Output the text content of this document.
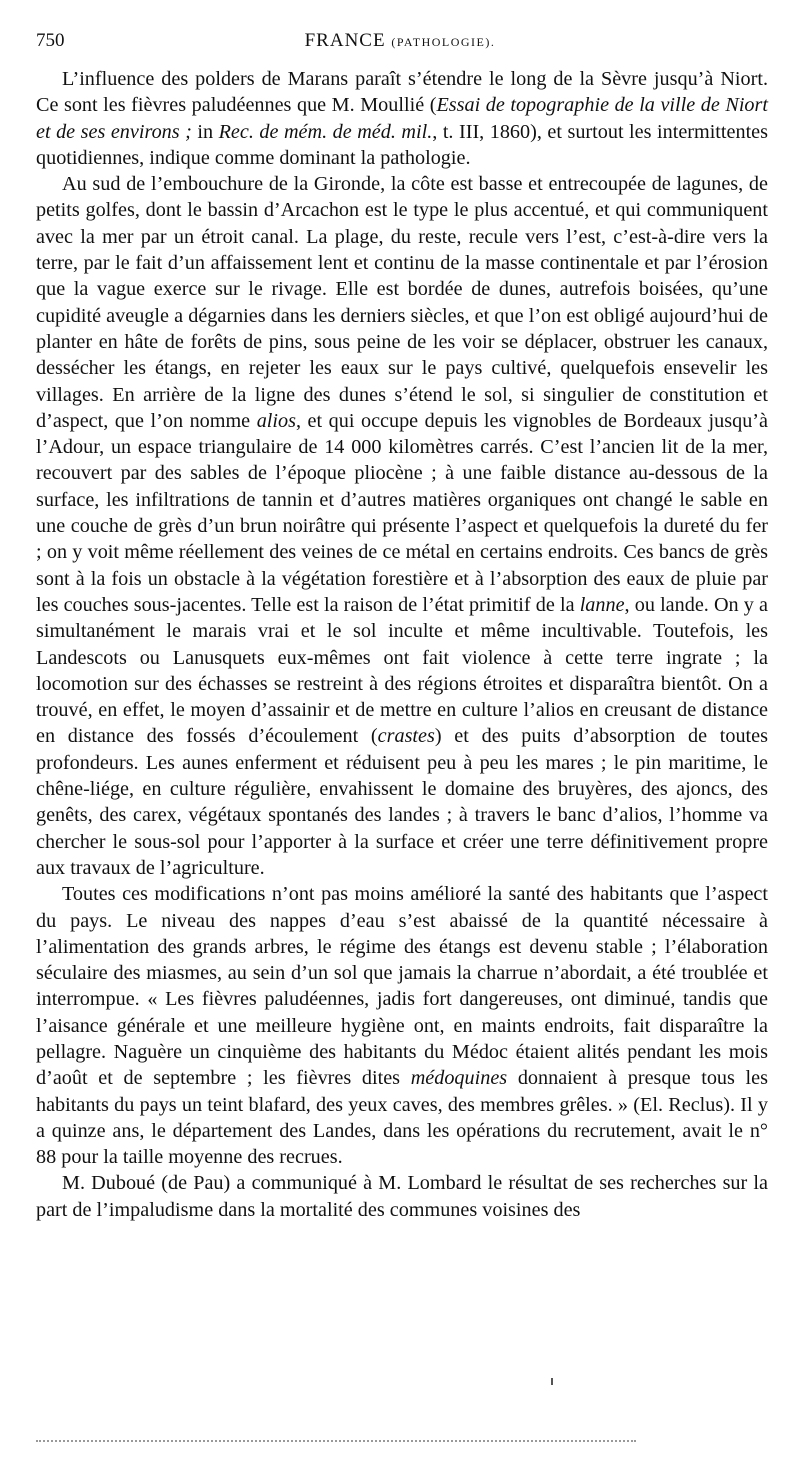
750	FRANCE (PATHOLOGIE).

L’influence des polders de Marans paraît s’étendre le long de la Sèvre jusqu’à Niort. Ce sont les fièvres paludéennes que M. Moullié (Essai de topographie de la ville de Niort et de ses environs ; in Rec. de mém. de méd. mil., t. III, 1860), et surtout les intermittentes quotidiennes, indique comme dominant la pathologie.

Au sud de l’embouchure de la Gironde, la côte est basse et entrecoupée de lagunes, de petits golfes, dont le bassin d’Arcachon est le type le plus accentué, et qui communiquent avec la mer par un étroit canal. La plage, du reste, recule vers l’est, c’est-à-dire vers la terre, par le fait d’un affaissement lent et continu de la masse continentale et par l’érosion que la vague exerce sur le rivage. Elle est bordée de dunes, autrefois boisées, qu’une cupidité aveugle a dégarnies dans les derniers siècles, et que l’on est obligé aujourd’hui de planter en hâte de forêts de pins, sous peine de les voir se déplacer, obstruer les canaux, dessécher les étangs, en rejeter les eaux sur le pays cultivé, quelquefois ensevelir les villages. En arrière de la ligne des dunes s’étend le sol, si singulier de constitution et d’aspect, que l’on nomme alios, et qui occupe depuis les vignobles de Bordeaux jusqu’à l’Adour, un espace triangulaire de 14 000 kilomètres carrés. C’est l’ancien lit de la mer, recouvert par des sables de l’époque pliocène ; à une faible distance au-dessous de la surface, les infiltrations de tannin et d’autres matières organiques ont changé le sable en une couche de grès d’un brun noirâtre qui présente l’aspect et quelquefois la dureté du fer ; on y voit même réellement des veines de ce métal en certains endroits. Ces bancs de grès sont à la fois un obstacle à la végétation forestière et à l’absorption des eaux de pluie par les couches sous-jacentes. Telle est la raison de l’état primitif de la lanne, ou lande. On y a simultanément le marais vrai et le sol inculte et même incultivable. Toutefois, les Landescots ou Lanusquets eux-mêmes ont fait violence à cette terre ingrate ; la locomotion sur des échasses se restreint à des régions étroites et disparaîtra bientôt. On a trouvé, en effet, le moyen d’assainir et de mettre en culture l’alios en creusant de distance en distance des fossés d’écoulement (crastes) et des puits d’absorption de toutes profondeurs. Les aunes enferment et réduisent peu à peu les mares ; le pin maritime, le chêne-liége, en culture régulière, envahissent le domaine des bruyères, des ajoncs, des genêts, des carex, végétaux spontanés des landes ; à travers le banc d’alios, l’homme va chercher le sous-sol pour l’apporter à la surface et créer une terre définitivement propre aux travaux de l’agriculture.

Toutes ces modifications n’ont pas moins amélioré la santé des habitants que l’aspect du pays. Le niveau des nappes d’eau s’est abaissé de la quantité nécessaire à l’alimentation des grands arbres, le régime des étangs est devenu stable ; l’élaboration séculaire des miasmes, au sein d’un sol que jamais la charrue n’abordait, a été troublée et interrompue. « Les fièvres paludéennes, jadis fort dangereuses, ont diminué, tandis que l’aisance générale et une meilleure hygiène ont, en maints endroits, fait disparaître la pellagre. Naguère un cinquième des habitants du Médoc étaient alités pendant les mois d’août et de septembre ; les fièvres dites médoquines donnaient à presque tous les habitants du pays un teint blafard, des yeux caves, des membres grêles. » (El. Reclus). Il y a quinze ans, le département des Landes, dans les opérations du recrutement, avait le n° 88 pour la taille moyenne des recrues.

M. Duboué (de Pau) a communiqué à M. Lombard le résultat de ses recherches sur la part de l’impaludisme dans la mortalité des communes voisines des
